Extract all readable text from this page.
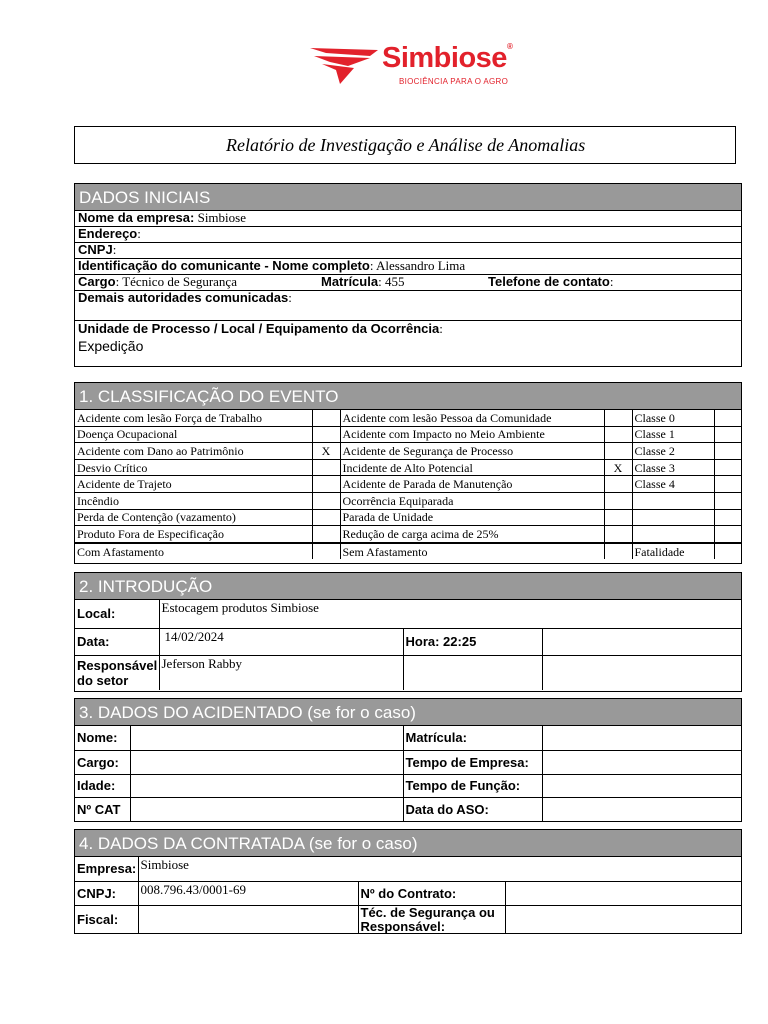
Simbiose®
BIOCIÊNCIA PARA O AGRO
Relatório de Investigação e Análise de Anomalias
DADOS INICIAIS
Nome da empresa: Simbiose
Endereço:
CNPJ:
Identificação do comunicante - Nome completo: Alessandro Lima
Cargo: Técnico de Segurança	Matrícula: 455	Telefone de contato:
Demais autoridades comunicadas:
Unidade de Processo / Local / Equipamento da Ocorrência:
Expedição
1. CLASSIFICAÇÃO DO EVENTO
Acidente com lesão Força de Trabalho		Acidente com lesão Pessoa da Comunidade		Classe 0	
Doença Ocupacional		Acidente com Impacto no Meio Ambiente		Classe 1	
Acidente com Dano ao Patrimônio	X	Acidente de Segurança de Processo		Classe 2	
Desvio Crítico		Incidente de Alto Potencial	X	Classe 3	
Acidente de Trajeto		Acidente de Parada de Manutenção		Classe 4	
Incêndio		Ocorrência Equiparada			
Perda de Contenção (vazamento)		Parada de Unidade			
Produto Fora de Especificação		Redução de carga acima de 25%			
Com Afastamento		Sem Afastamento		Fatalidade	
2. INTRODUÇÃO
Local:	Estocagem produtos Simbiose		
Data:	14/02/2024	Hora: 22:25	
Responsável do setor	Jeferson Rabby		
3. DADOS DO ACIDENTADO (se for o caso)
Nome:		Matrícula:	
Cargo:		Tempo de Empresa:	
Idade:		Tempo de Função:	
Nº CAT		Data do ASO:	
4. DADOS DA CONTRATADA (se for o caso)
Empresa:	Simbiose		
CNPJ:	008.796.43/0001-69	Nº do Contrato:	
Fiscal:		Téc. de Segurança ou Responsável:	
